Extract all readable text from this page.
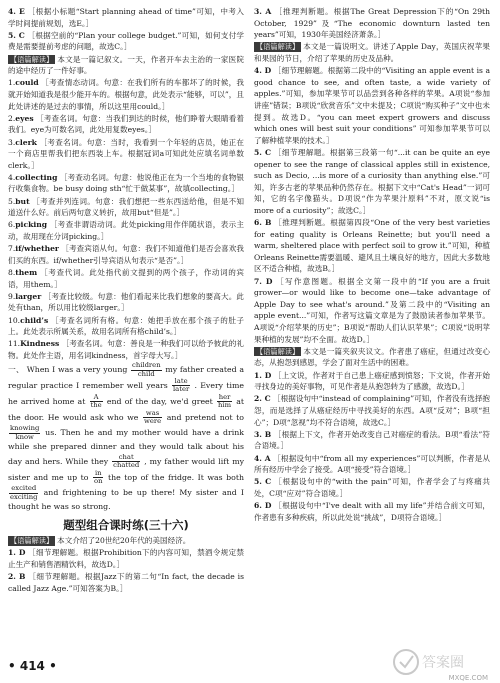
4. E ［根据小标题“Start planning ahead of time”可知，中考入学时间提前规划，选E。］

5. C ［根据空前的“Plan your college budget.”可知，如何支付学费是需要提前考虑的问题，故选C。］

【语篇解读】 本文是一篇记叙文。一天，作者开车去主治的一家医院的途中经历了一件好事。

1.could ［考查情态动词。句意：在我们所有的车都坏了的时候，我就开始知道我是很少能开车的。根据句意，此处表示“能够，可以”，且此处讲述的是过去的事情，所以这里用could。］

2.eyes ［考查名词。句意：当我们到达的时候，他们睁着大眼睛看着我们。eye为可数名词，此处用复数eyes。］

3.clerk ［考查名词。句意：当时，我看到一个年轻的店员，她正在一个商店里帮我们把东西装上车。根据冠词a可知此处应填名词单数clerk。］

4.collecting ［考查动名词。句意：他说他正在为一个当地的食物银行收集食物。be busy doing sth“忙于做某事”，故填collecting。］

5.but ［考查并列连词。句意：我们想把一些东西送给他，但是不知道送什么好。前后两句意义转折，故用but“但是”。］

6.picking ［考查非谓语动词。此处picking用作伴随状语，表示主动，故用现在分词picking。］

7.if/whether ［考查宾语从句。句意：我们不知道他们是否会喜欢我们买的东西。if/whether引导宾语从句表示“是否”。］

8.them ［考查代词。此处指代前文提到的两个孩子，作动词的宾语，用them。］

9.larger ［考查比较级。句意：他们看起来比我们想象的要高大。此处有than，所以用比较级larger。］

10.child’s ［考查名词所有格。句意：她把手放在那个孩子的肚子上。此处表示所属关系，故用名词所有格child’s。］

11.Kindness ［考查名词。句意：善良是一种我们可以给予彼此的礼物。此处作主语，用名词kindness，首字母大写。］

一、 When I was a very young $\frac{\text{children}}{\text{child}}$ my father created a regular practice I remember well years $\frac{\text{late}}{\text{later}}$ . Every time he arrived home at $\frac{A}{\text{the}}$ end of the day, we'd greet $\frac{\text{her}}{\text{him}}$ at the door. He would ask who we $\frac{\text{was}}{\text{were}}$ and pretend not to
$\frac{\text{knowing}}{\text{know}}$ us. Then he and my mother would have a drink while she prepared dinner and they would talk about his day and hers. While they $\frac{\text{chat}}{\text{chatted}}$ , my father would lift my sister and me up to $\frac{in}{on}$ the top of the fridge. It was both
$\frac{\text{excited}}{\text{exciting}}$ and frightening to be up there! My sister and I thought he was so strong.

题型组合课时练(三十六)

【语篇解读】 本文介绍了20世纪20年代的美国经济。

1. D ［细节理解题。根据Prohibition下的内容可知，禁酒令规定禁止生产和销售酒精饮料，故选D。］

2. B ［细节理解题。根据Jazz下的第二句“In fact, the decade is called Jazz Age.”可知答案为B。］

3. A ［推理判断题。根据The Great Depression下的“On 29th October, 1929”及“The economic downturn lasted ten years”可知，1930年美国经济萧条。］

【语篇解读】 本文是一篇说明文。讲述了Apple Day，英国庆祝苹果和果园的节日，介绍了苹果的历史及品种。

4. D ［细节理解题。根据第二段中的“Visiting an apple event is a good chance to see, and often taste, a wide variety of apples.”可知，参加苹果节可以品尝到各种各样的苹果。A项说“参加讲座”错误；B项说“欣赏音乐”文中未提及；C项说“购买种子”文中也未提到。故选D。“you can meet expert growers and discuss which ones will best suit your conditions” 可知参加苹果节可以了解种植苹果的技术。］

5. C ［细节理解题。根据第三段第一句“...it can be quite an eye opener to see the range of classical apples still in existence, such as Decio, ...is more of a curiosity than anything else.”可知，许多古老的苹果品种仍然存在。根据下文中“Cat's Head”一词可知，它的名字像猫头。D项说“作为苹果汁原料”不对，原文说“is more of a curiosity”；故选C。］

6. B ［推理判断题。根据第四段“One of the very best varieties for eating quality is Orleans Reinette; but you'll need a warm, sheltered place with perfect soil to grow it.”可知，种植Orleans Reinette需要温暖、避风且土壤良好的地方，因此大多数地区不适合种植，故选B。］

7. D ［写作意图题。根据全文第一段中的“If you are a fruit grower—or would like to become one—take advantage of Apple Day to see what's around.”及第二段中的“Visiting an apple event...”可知，作者写这篇文章是为了鼓励读者参加苹果节。A项说“介绍苹果的历史”；B项说“帮助人们认识苹果”；C项说“说明苹果种植的发展”均不全面。故选D。］

【语篇解读】 本文是一篇夹叙夹议文。作者患了癌症，但通过改变心态，从抱怨到感恩，学会了面对生活中的困难。

1. D ［上文说，作者对于自己患上癌症感到愤怒；下文说，作者开始寻找身边的美好事物，可见作者是从抱怨转为了感激，故选D。］

2. C ［根据设句中“instead of complaining”可知，作者没有选择抱怨，而是选择了从癌症经历中寻找美好的东西。A项“反对”；B项“担心”；D项“忽视”均不符合语境，故选C。］

3. B ［根据上下文，作者开始改变自己对癌症的看法。B项“看法”符合语境。］

4. A ［根据设句中“from all my experiences”可以判断，作者是从所有经历中学会了接受。A项“接受”符合语境。］

5. C ［根据设句中的“with the pain”可知，作者学会了与疼痛共处，C项“应对”符合语境。］

6. D ［根据设句中“I've dealt with all my life”并结合前文可知，作者患有多种疾病，所以此处说“挑战”，D项符合语境。］

• 414 •	答案圈
MXQE.COM
